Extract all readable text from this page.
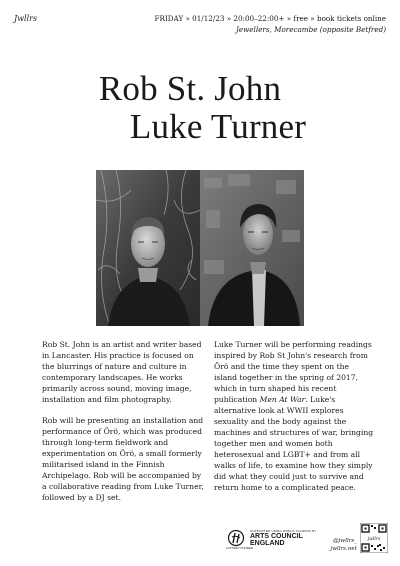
Jwllrs	FRIDAY » 01/12/23 » 20:00–22:00+ » free » book tickets online
Jewellers, Morecambe (opposite Betfred)
Rob St. John
Luke Turner

Rob St. John is an artist and writer based in Lancaster. His practice is focused on the blurrings of nature and culture in contemporary landscapes. He works primarily across sound, moving image, installation and film photography.

Rob will be presenting an installation and performance of Örö, which was produced through long-term fieldwork and experimentation on Örö, a small formerly militarised island in the Finnish Archipelago. Rob will be accompanied by a collaborative reading from Luke Turner, followed by a DJ set.

Luke Turner will be performing readings inspired by Rob St John's research from Örö and the time they spent on the island together in the spring of 2017, which in turn shaped his recent publication Men At War. Luke's alternative look at WWII explores sexuality and the body against the machines and structures of war, bringing together men and women both heterosexual and LGBT+ and from all walks of life, to examine how they simply did what they could just to survive and return home to a complicated peace.

LOTTERY FUNDED
SUPPORTED USING PUBLIC FUNDING BY
ARTS COUNCIL
ENGLAND	@jwllrs_
jwllrs.net
jwllrs
